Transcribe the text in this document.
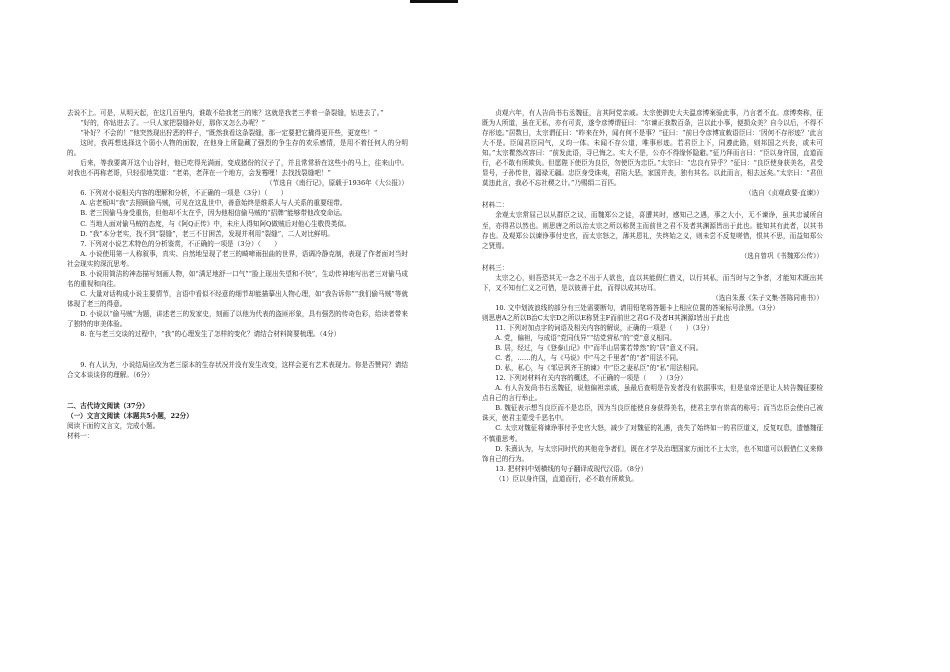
去说不上。可是，从明天起，在这几百里内，谁敢不给我老三的账？这就是我老三孝着一条裂缝，钻进去了。”

“好的，你钻进去了。一只人家把裂缝补好，那你又怎么办呢？”

“补好？不会的！”他突然现出狞恶的样子，“既然我看这条裂缝，那一定要把它撬得更开些，更宽些！”

这时，我再想选择这个弱小人物的面貌，在他身上所隐藏了强烈的争生存的欢乐感情，是用不着任何人的分明的。

后来，等我要离开这个山谷时，他已吃得光满面，变成猪份的汉子了，并且常常骄在这些小的马上，往来山中。对我也不再称老哥，只轻很地笑道：“老弟，老萍在一个地方，会发霉哩！去找找裂缝吧！”

（节选自《南行记》，原载于1936年《大公报》）

6. 下列对小说相关内容的理解和分析，不正确的一项是（3分）（　　）

A. 店老板叫“我”去照顾偷马贼，可见在这乱世中，善意始终是维系人与人关系的重要纽带。

B. 老三因偷马身受重伤，但他却不太在乎，因为他相信偷马贼的“招牌”能够带他改变命运。

C. 当地人面对偷马贼的态度，与《阿Q正传》中，未庄人得知阿Q做贼后对他心生敬畏类似。

D. “我”本分老实，找不到“裂缝”，老三不甘困苦，发现并利用“裂缝”，二人对比鲜明。

7. 下列对小说艺术特色的分析鉴赏，不正确的一项是（3分）（　　）

A. 小说使用第一人称叙事，真实、自然地呈现了老三的畸啼雨扭曲的世界，语调冷静克制，表现了作者面对当时社会现实的深沉思考。

B. 小说用简洁的神态描写刻画人物，如“满足地舒一口气”“脸上现出失望和不快”，生动传神地写出老三对偷马成名的重视和向往。

C. 大量对话构成小说主要情节，言语中看似不经意的细节却能描摹出人物心理，如“我告诉你”“我们偷马贼”等就体现了老三的得意。

D. 小说以“偷马贼”为题，讲述老三的发家史，刻画了以他为代表的盗匪形象，具有强烈的传奇色彩，给读者带来了独特的审美体验。

8. 在与老三交谈的过程中，“我”的心理发生了怎样的变化？请结合材料简要梳理。（4分）

9. 有人认为，小说结局应改为老三原本的生存状况并没有发生改变，这样会更有艺术表现力。你是否赞同？请结合文本谈谈你的理解。（6分）

二、古代诗文阅读（37分）

（一）文言文阅读（本题共5小题，22分）

阅读下面的文言文，完成小题。

材料一：

贞观六年，有人告尚书右丞魏征，言其阿党亲戚。太宗使御史大夫温彦博案验此事，乃言者不直。彦博奏称，征既为人所道，虽在无私，亦有可责，遂令彦博谓征曰：“尔谏正我数百条，岂以此小事，便损众美？自今以后，不得不存形迹。”居数日，太宗谓征曰：“昨来在外，闻有何不是事？”征曰：“前日令彦博宣敕语臣曰：‘因何不存形迹？’此言大不是。臣闻君臣同气，义均一体。未闻不存公道，唯事形迹。若君臣上下，同遵此路，则邦国之兴丧，或未可知。”太宗瞿然改容曰：“前发此语，寻已悔之。实大不是，公亦不得缘怀隐避。”征乃拜而言曰：“臣以身许国，直道而行，必不敢有所欺负。但愿陛下使臣为良臣，勿使臣为忠臣。”太宗曰：“忠良有异乎？”征曰：“良臣使身获美名，君受显号，子孙传世，福禄无疆。忠臣身受诛夷，君陷大恶，家国并丧，独有其名。以此而言，相去远矣。”太宗曰：“君但莫违此言，我必不忘社稷之计。”乃赐绢二百匹。

（选自《贞观政要·直谏》）

材料二：

余观太宗常屈己以从群臣之议，而魏郑公之徒，喜遭其时，感知己之遇，事之大小，无不谏诤，虽其忠诚所自至，亦得君以然也。则思唐之所以治太宗之所以称贤主而前世之君不及者其渊源皆出于此也。能知其有此者，以其书存也。及观郑公以谏诤事付史官，而太宗怒之，薄其恩礼，失终始之义，则未尝不反复嗟惜，恨其不思，而益知郑公之贤焉。

（选自曾巩《书魏郑公传》）

材料三：

太宗之心，则吾恐其无一念之不出于人欲也，直以其能假仁借义，以行其私，而当时与之争者，才能知术既出其下，又不知有仁义之可借，是以彼善于此，而得以成其功耳。

（选自朱熹《朱子文集·答陈同甫书》）

10. 文中划波浪线的部分有三处需要断句，请用铅笔将答题卡上相应位置的答案标号涂黑。（3分）

则思唐A之所以B治C太宗D之所以E称贤主F而前世之君G不及者H其渊源I皆出于此也

11. 下列对加点字的词语及相关内容的解说，正确的一项是（　　）（3分）

A. 党，偏袒，与成语“党同伐异”“结党营私”的“党”意义相同。

B. 居，经过，与《登泰山记》中“而半山居雾若带然”的“居”意义不同。

C. 者，……的人，与《马说》中“马之千里者”的“者”用法不同。

D. 私，私心，与《邹忌讽齐王纳谏》中“臣之妻私臣”的“私”用法相同。

12. 下列对材料有关内容的概述，不正确的一项是（　　）（3分）

A. 有人告发尚书右丞魏征，说他偏袒亲戚，虽最后查明是告发者没有依据事实，但是皇帝还是让人转告魏征要检点自己的言行举止。

B. 魏征表示想当良臣而不是忠臣，因为当良臣能使自身获得美名，使君主享有崇高的称号；而当忠臣会使自己被诛灭，使君主蒙受千恶名中。

C. 太宗对魏征将谏诤事付予史官大怒，减少了对魏征的礼遇，丧失了始终如一的君臣道义，反复叹息，遗憾魏征不慎重思考。

D. 朱熹认为，与太宗同时代的其他竞争者们，既在才学及治理国家方面比不上太宗，也不知道可以假借仁义来修饰自己的行为。

13. 把材料中划横线的句子翻译成现代汉语。（8分）

（1）臣以身许国，直道而行，必不敢有所欺负。
